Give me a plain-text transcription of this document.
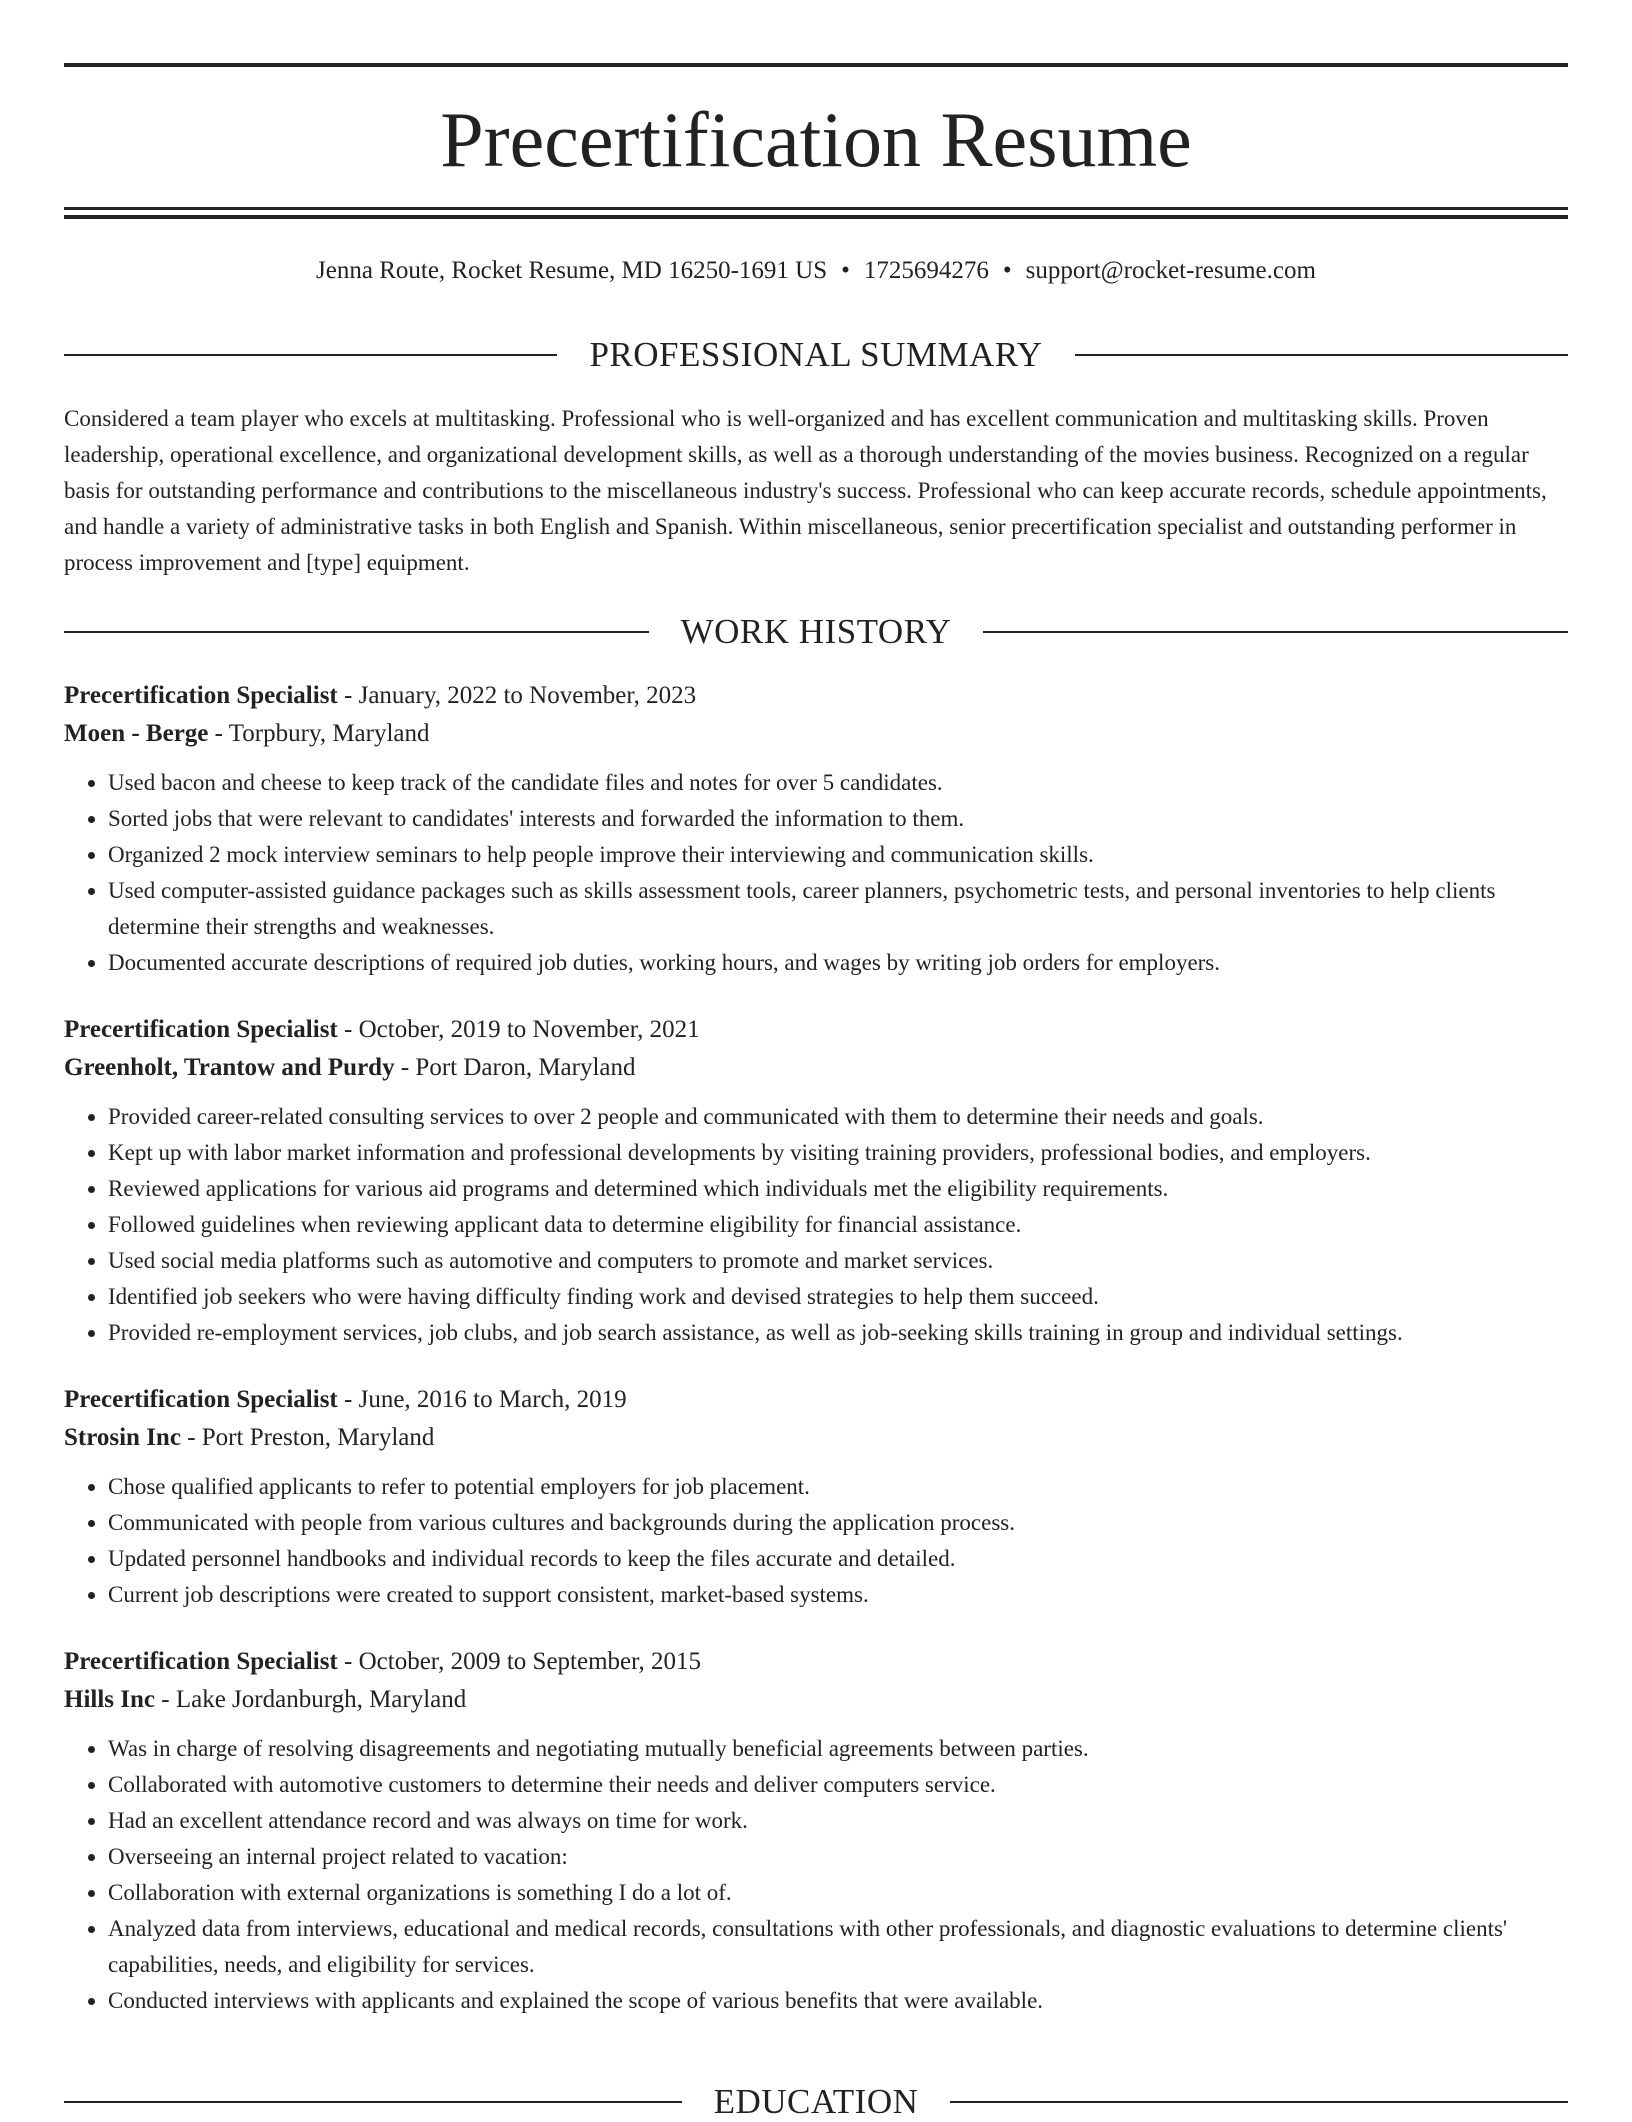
Precertification Resume
Jenna Route, Rocket Resume, MD 16250-1691 US • 1725694276 • support@rocket-resume.com
PROFESSIONAL SUMMARY

Considered a team player who excels at multitasking. Professional who is well-organized and has excellent communication and multitasking skills. Proven leadership, operational excellence, and organizational development skills, as well as a thorough understanding of the movies business. Recognized on a regular basis for outstanding performance and contributions to the miscellaneous industry's success. Professional who can keep accurate records, schedule appointments, and handle a variety of administrative tasks in both English and Spanish. Within miscellaneous, senior precertification specialist and outstanding performer in process improvement and [type] equipment.

WORK HISTORY
Precertification Specialist - January, 2022 to November, 2023
Moen - Berge - Torpbury, Maryland
• Used bacon and cheese to keep track of the candidate files and notes for over 5 candidates.
• Sorted jobs that were relevant to candidates' interests and forwarded the information to them.
• Organized 2 mock interview seminars to help people improve their interviewing and communication skills.
• Used computer-assisted guidance packages such as skills assessment tools, career planners, psychometric tests, and personal inventories to help clients determine their strengths and weaknesses.
• Documented accurate descriptions of required job duties, working hours, and wages by writing job orders for employers.
Precertification Specialist - October, 2019 to November, 2021
Greenholt, Trantow and Purdy - Port Daron, Maryland
• Provided career-related consulting services to over 2 people and communicated with them to determine their needs and goals.
• Kept up with labor market information and professional developments by visiting training providers, professional bodies, and employers.
• Reviewed applications for various aid programs and determined which individuals met the eligibility requirements.
• Followed guidelines when reviewing applicant data to determine eligibility for financial assistance.
• Used social media platforms such as automotive and computers to promote and market services.
• Identified job seekers who were having difficulty finding work and devised strategies to help them succeed.
• Provided re-employment services, job clubs, and job search assistance, as well as job-seeking skills training in group and individual settings.
Precertification Specialist - June, 2016 to March, 2019
Strosin Inc - Port Preston, Maryland
• Chose qualified applicants to refer to potential employers for job placement.
• Communicated with people from various cultures and backgrounds during the application process.
• Updated personnel handbooks and individual records to keep the files accurate and detailed.
• Current job descriptions were created to support consistent, market-based systems.
Precertification Specialist - October, 2009 to September, 2015
Hills Inc - Lake Jordanburgh, Maryland
• Was in charge of resolving disagreements and negotiating mutually beneficial agreements between parties.
• Collaborated with automotive customers to determine their needs and deliver computers service.
• Had an excellent attendance record and was always on time for work.
• Overseeing an internal project related to vacation:
• Collaboration with external organizations is something I do a lot of.
• Analyzed data from interviews, educational and medical records, consultations with other professionals, and diagnostic evaluations to determine clients' capabilities, needs, and eligibility for services.
• Conducted interviews with applicants and explained the scope of various benefits that were available.
EDUCATION
